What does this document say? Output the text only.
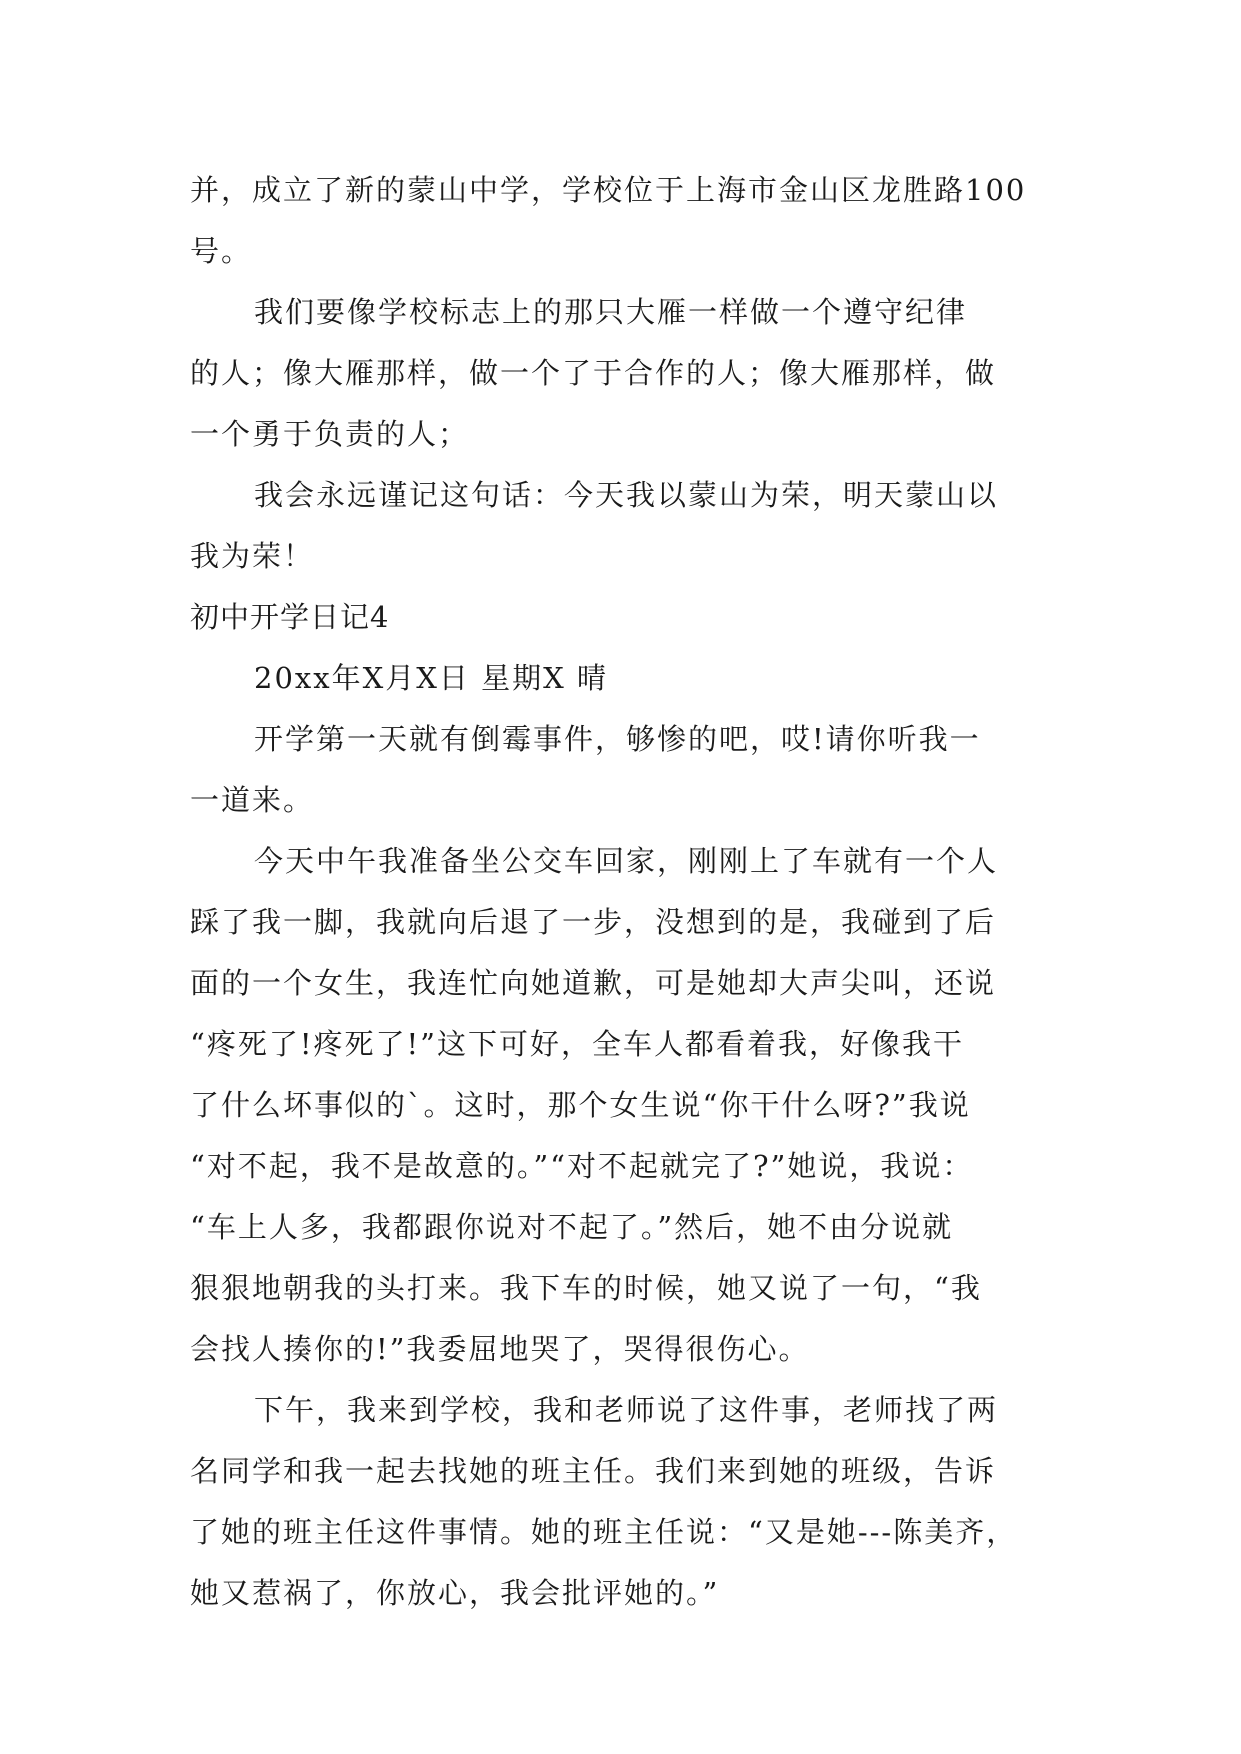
并，成立了新的蒙山中学，学校位于上海市金山区龙胜路100
号。
我们要像学校标志上的那只大雁一样做一个遵守纪律
的人；像大雁那样，做一个了于合作的人；像大雁那样，做
一个勇于负责的人；
我会永远谨记这句话：今天我以蒙山为荣，明天蒙山以
我为荣！
初中开学日记4
20xx年X月X日 星期X 晴
开学第一天就有倒霉事件，够惨的吧，哎!请你听我一
一道来。
今天中午我准备坐公交车回家，刚刚上了车就有一个人
踩了我一脚，我就向后退了一步，没想到的是，我碰到了后
面的一个女生，我连忙向她道歉，可是她却大声尖叫，还说
“疼死了!疼死了!”这下可好，全车人都看着我，好像我干
了什么坏事似的`。这时，那个女生说“你干什么呀?”我说
“对不起，我不是故意的。”“对不起就完了?”她说，我说：
“车上人多，我都跟你说对不起了。”然后，她不由分说就
狠狠地朝我的头打来。我下车的时候，她又说了一句，“我
会找人揍你的!”我委屈地哭了，哭得很伤心。
下午，我来到学校，我和老师说了这件事，老师找了两
名同学和我一起去找她的班主任。我们来到她的班级，告诉
了她的班主任这件事情。她的班主任说：“又是她---陈美齐，
她又惹祸了，你放心，我会批评她的。”
